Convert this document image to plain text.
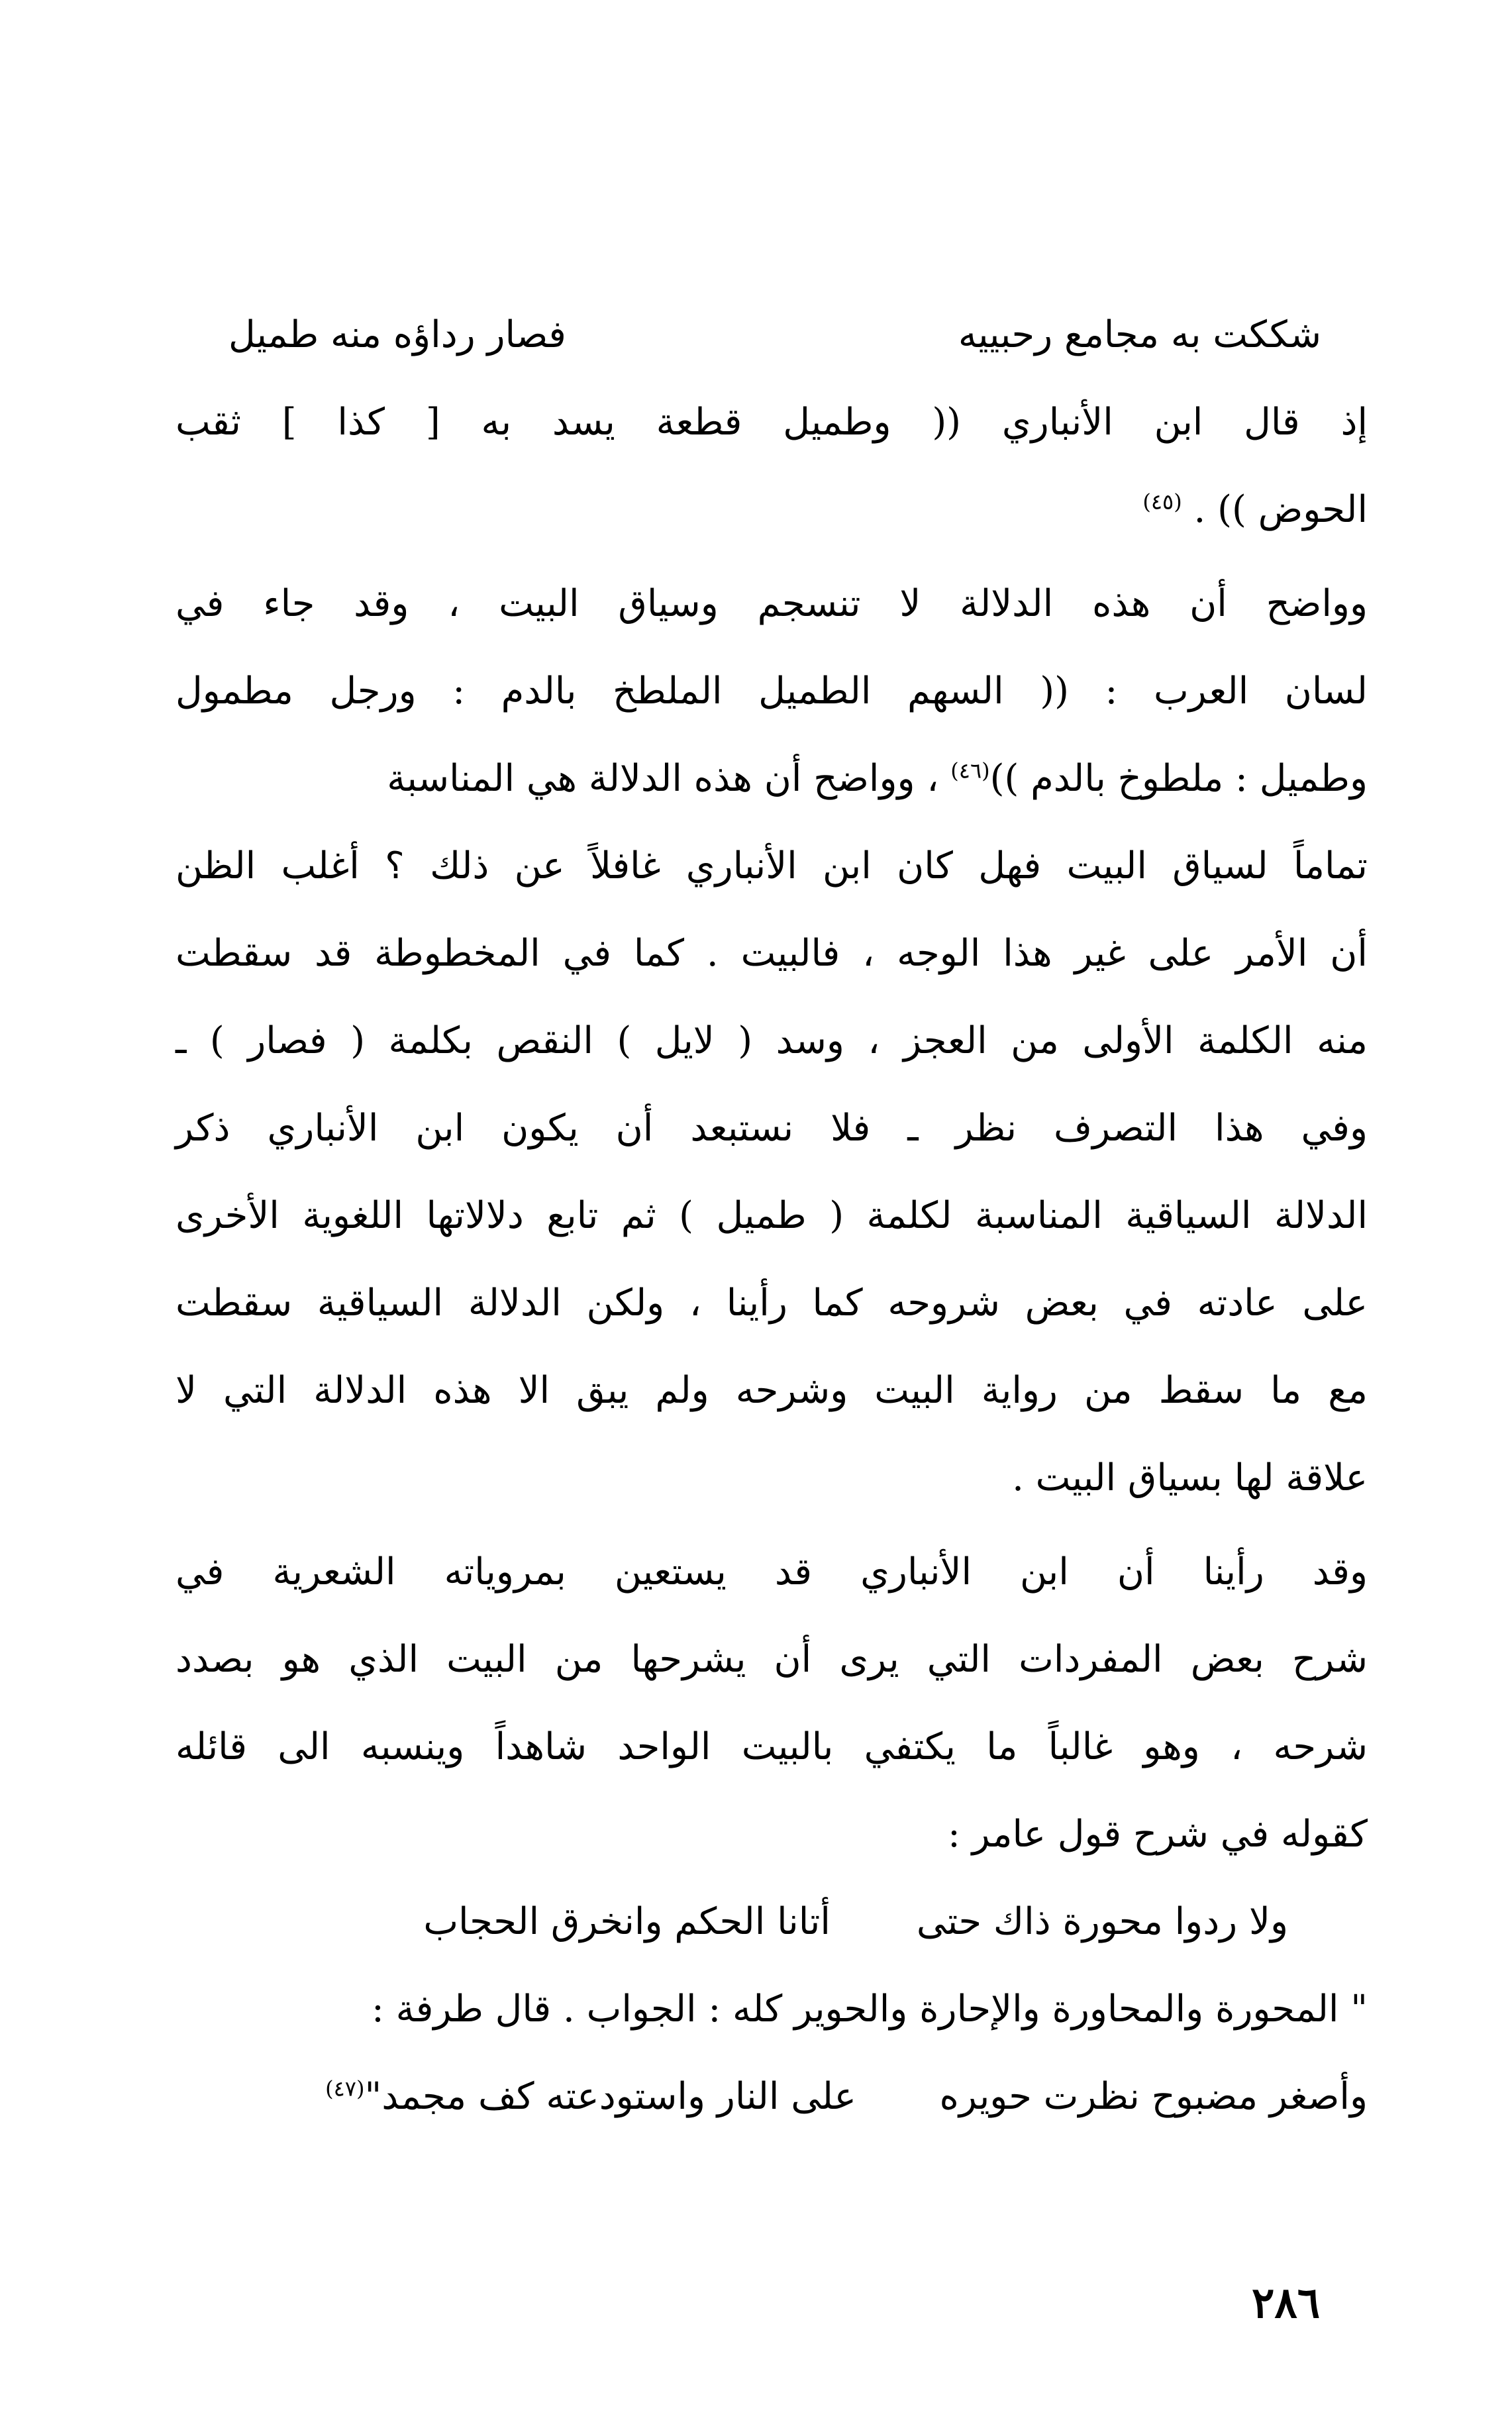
شككت به مجامع رحبييه
فصار رداؤه منه طميل
إذ قال ابن الأنباري (( وطميل قطعة يسد به [ كذا ] ثقب
الحوض )) . $^{(٤٥)}$
وواضح أن هذه الدلالة لا تنسجم وسياق البيت ، وقد جاء في
لسان العرب : (( السهم الطميل الملطخ بالدم : ورجل مطمول
وطميل : ملطوخ بالدم ))$^{(٤٦)}$ ، وواضح أن هذه الدلالة هي المناسبة
تماماً لسياق البيت فهل كان ابن الأنباري غافلاً عن ذلك ؟ أغلب الظن
أن الأمر على غير هذا الوجه ، فالبيت . كما في المخطوطة قد سقطت
منه الكلمة الأولى من العجز ، وسد ( لايل ) النقص بكلمة ( فصار ) ـ
وفي هذا التصرف نظر ـ فلا نستبعد أن يكون ابن الأنباري ذكر
الدلالة السياقية المناسبة لكلمة ( طميل ) ثم تابع دلالاتها اللغوية الأخرى
على عادته في بعض شروحه كما رأينا ، ولكن الدلالة السياقية سقطت
مع ما سقط من رواية البيت وشرحه ولم يبق الا هذه الدلالة التي لا
علاقة لها بسياق البيت .
وقد رأينا أن ابن الأنباري قد يستعين بمروياته الشعرية في
شرح بعض المفردات التي يرى أن يشرحها من البيت الذي هو بصدد
شرحه ، وهو غالباً ما يكتفي بالبيت الواحد شاهداً وينسبه الى قائله
كقوله في شرح قول عامر :
ولا ردوا محورة ذاك حتى
أتانا الحكم وانخرق الحجاب
" المحورة والمحاورة والإحارة والحوير كله : الجواب . قال طرفة :
وأصغر مضبوح نظرت حويره  على النار واستودعته كف مجمد"$^{(٤٧)}$
٢٨٦
